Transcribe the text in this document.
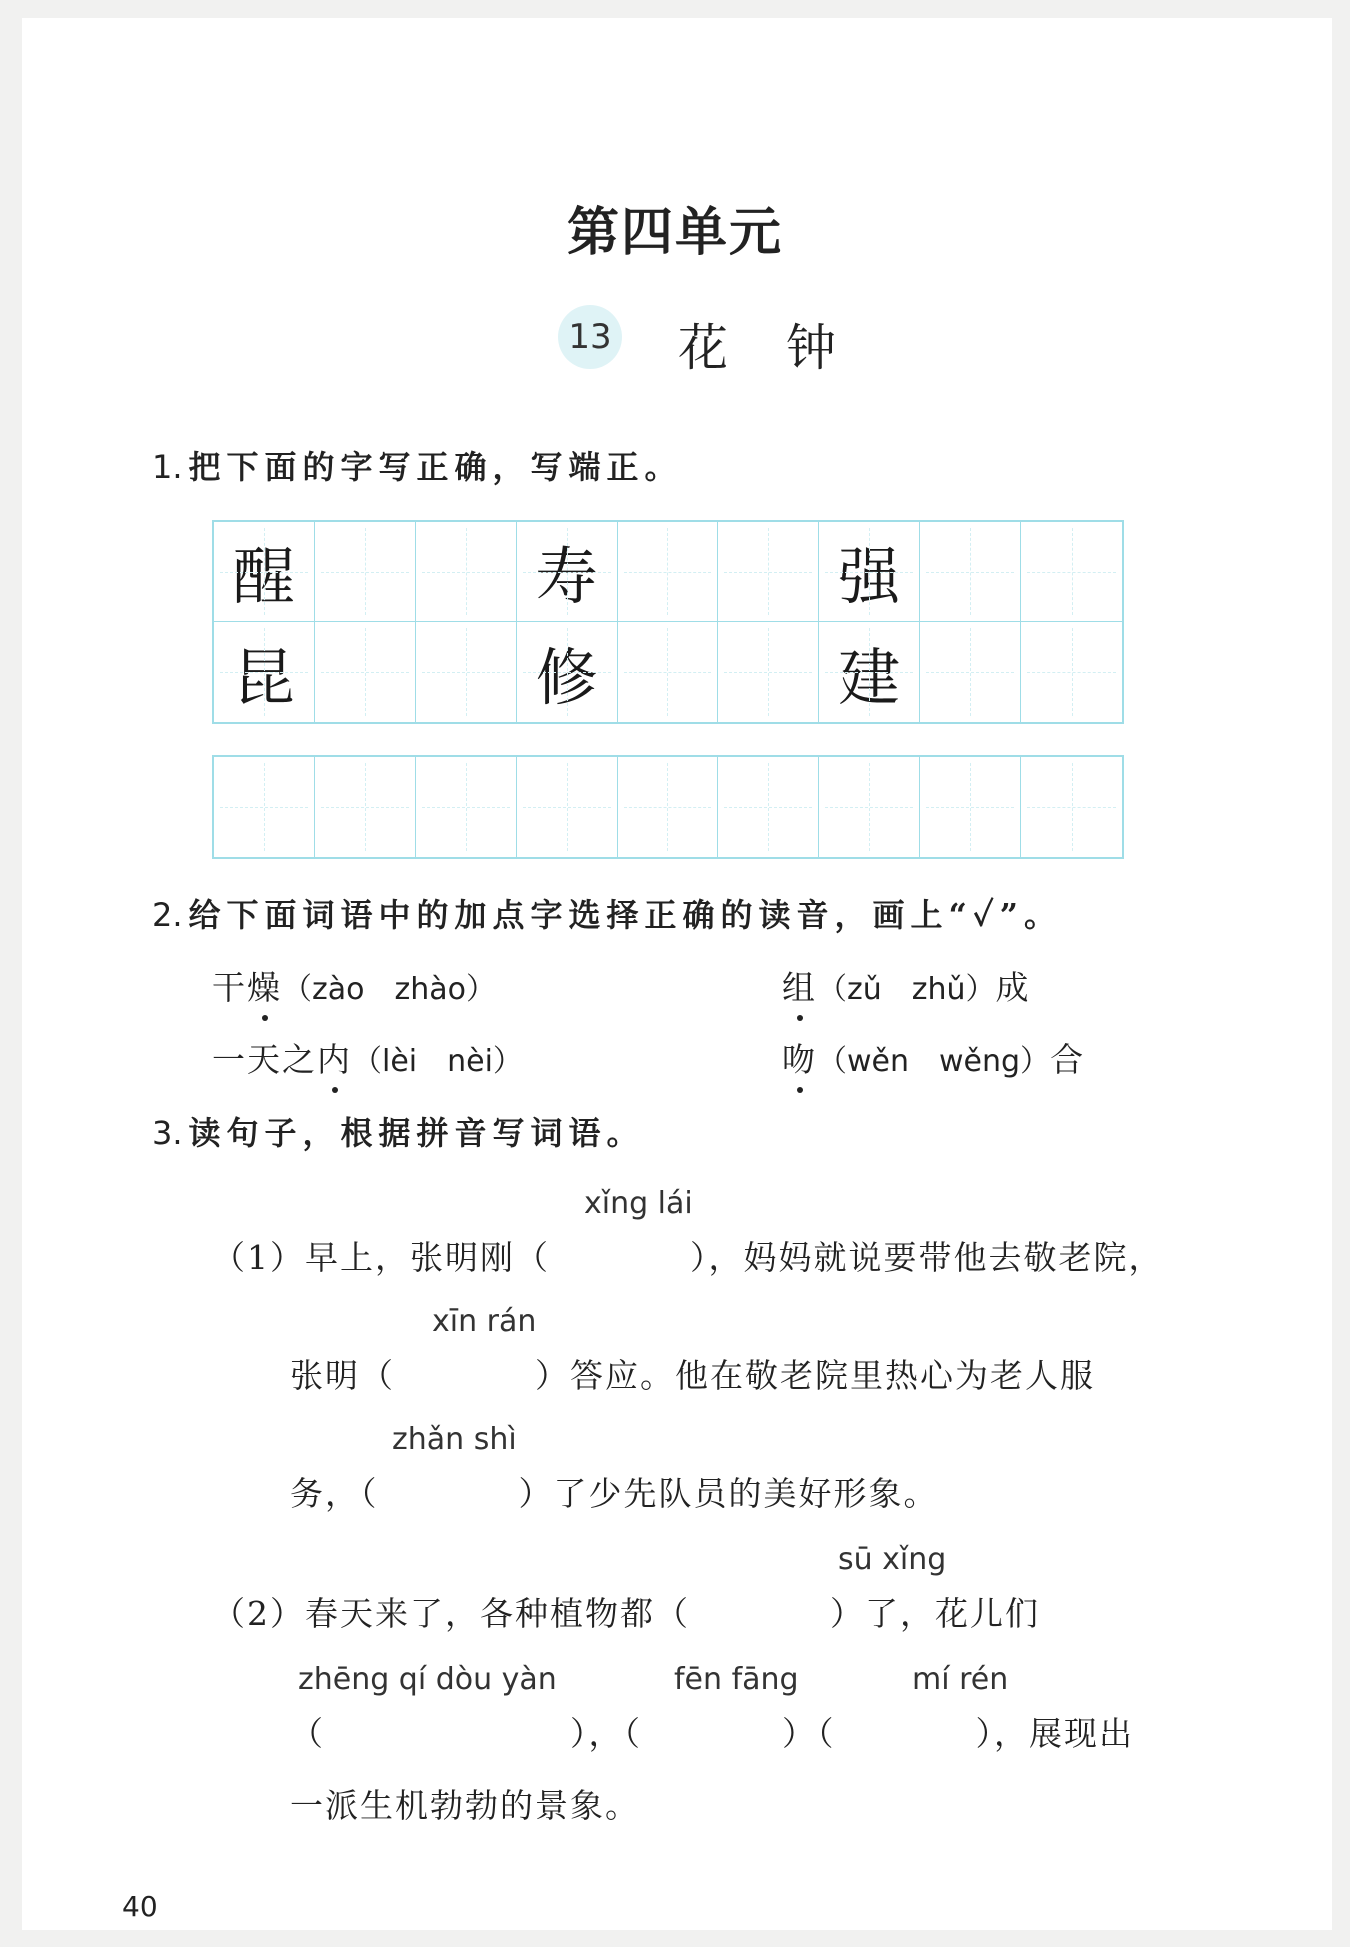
第四单元
13 花钟
1. 把下面的字写正确，写端正。
醒	寿	强
昆	修	建
2. 给下面词语中的加点字选择正确的读音，画上“✓”。
干燥（zào　zhào）	组（zǔ　zhǔ）成
一天之内（lèi　nèi）	吻（wěn　wěng）合
3. 读句子，根据拼音写词语。
xǐng lái
（1）早上，张明刚（　　　　），妈妈就说要带他去敬老院，
xīn rán
张明（　　　　）答应。他在敬老院里热心为老人服
zhǎn shì
务，（　　　　）了少先队员的美好形象。
sū xǐng
（2）春天来了，各种植物都（　　　　）了，花儿们
zhēng qí dòu yàn	fēn fāng	mí rén
（　　　　　　　），（　　　　）（　　　　），展现出
一派生机勃勃的景象。
40
